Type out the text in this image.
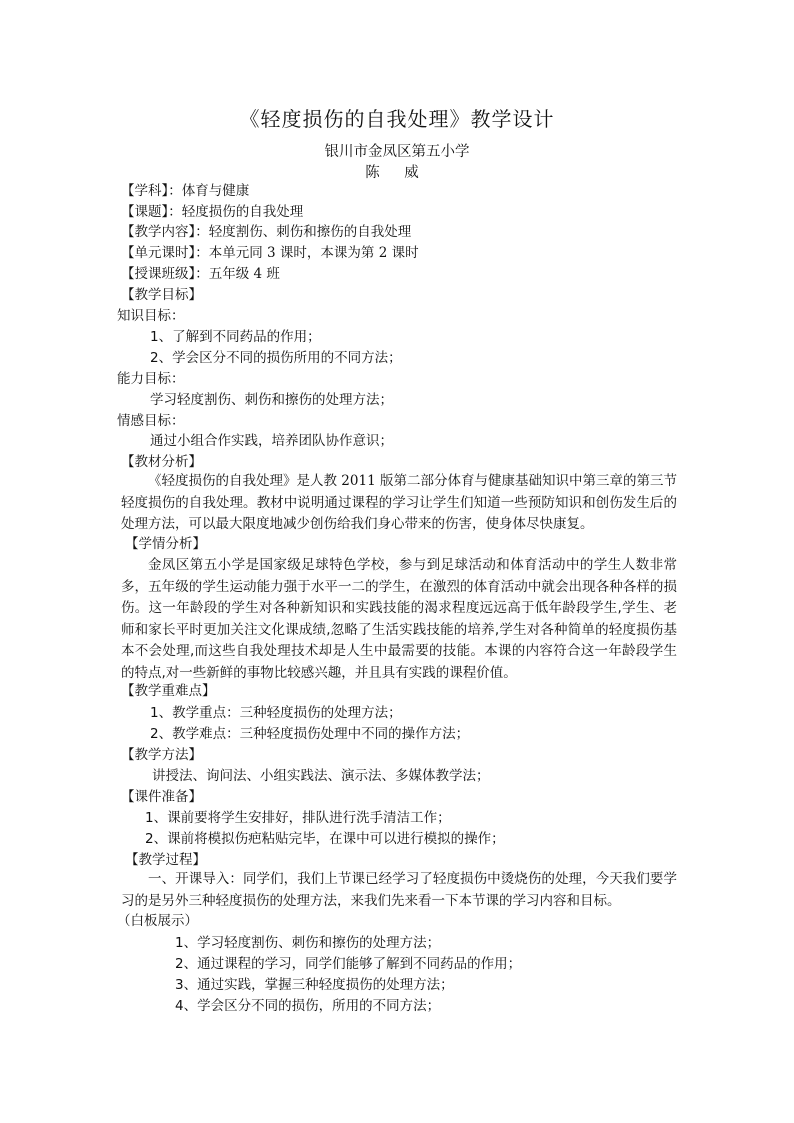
《轻度损伤的自我处理》教学设计
银川市金凤区第五小学
陈 威
【学科】：体育与健康
【课题】：轻度损伤的自我处理
【教学内容】：轻度割伤、刺伤和擦伤的自我处理
【单元课时】：本单元同 3 课时，本课为第 2 课时
【授课班级】：五年级 4 班
【教学目标】
知识目标：
1、了解到不同药品的作用；
2、学会区分不同的损伤所用的不同方法；
能力目标：
学习轻度割伤、刺伤和擦伤的处理方法；
情感目标：
通过小组合作实践，培养团队协作意识；
【教材分析】
《轻度损伤的自我处理》是人教 2011 版第二部分体育与健康基础知识中第三章的第三节轻度损伤的自我处理。教材中说明通过课程的学习让学生们知道一些预防知识和创伤发生后的处理方法，可以最大限度地减少创伤给我们身心带来的伤害，使身体尽快康复。
【学情分析】
金凤区第五小学是国家级足球特色学校，参与到足球活动和体育活动中的学生人数非常多，五年级的学生运动能力强于水平一二的学生，在激烈的体育活动中就会出现各种各样的损伤。这一年龄段的学生对各种新知识和实践技能的渴求程度远远高于低年龄段学生,学生、老师和家长平时更加关注文化课成绩,忽略了生活实践技能的培养,学生对各种简单的轻度损伤基本不会处理,而这些自我处理技术却是人生中最需要的技能。本课的内容符合这一年龄段学生的特点,对一些新鲜的事物比较感兴趣，并且具有实践的课程价值。
【教学重难点】
1、教学重点：三种轻度损伤的处理方法；
2、教学难点：三种轻度损伤处理中不同的操作方法；
【教学方法】
讲授法、询问法、小组实践法、演示法、多媒体教学法；
【课件准备】
1、课前要将学生安排好，排队进行洗手清洁工作；
2、课前将模拟伤疤粘贴完毕，在课中可以进行模拟的操作；
【教学过程】
一、开课导入：同学们，我们上节课已经学习了轻度损伤中烫烧伤的处理，今天我们要学习的是另外三种轻度损伤的处理方法，来我们先来看一下本节课的学习内容和目标。
（白板展示）
1、学习轻度割伤、刺伤和擦伤的处理方法；
2、通过课程的学习，同学们能够了解到不同药品的作用；
3、通过实践，掌握三种轻度损伤的处理方法；
4、学会区分不同的损伤，所用的不同方法；
